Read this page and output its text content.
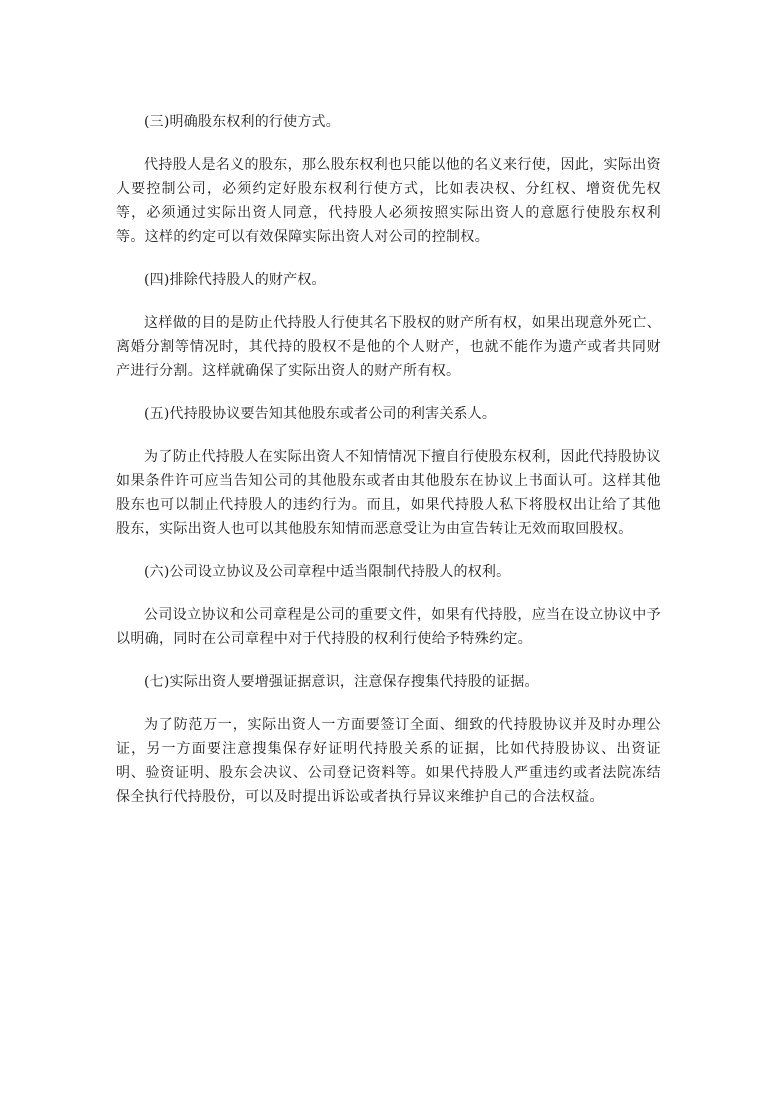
(三)明确股东权利的行使方式。

代持股人是名义的股东，那么股东权利也只能以他的名义来行使，因此，实际出资人要控制公司，必须约定好股东权利行使方式，比如表决权、分红权、增资优先权等，必须通过实际出资人同意，代持股人必须按照实际出资人的意愿行使股东权利等。这样的约定可以有效保障实际出资人对公司的控制权。

(四)排除代持股人的财产权。

这样做的目的是防止代持股人行使其名下股权的财产所有权，如果出现意外死亡、离婚分割等情况时，其代持的股权不是他的个人财产，也就不能作为遗产或者共同财产进行分割。这样就确保了实际出资人的财产所有权。

(五)代持股协议要告知其他股东或者公司的利害关系人。

为了防止代持股人在实际出资人不知情情况下擅自行使股东权利，因此代持股协议如果条件许可应当告知公司的其他股东或者由其他股东在协议上书面认可。这样其他股东也可以制止代持股人的违约行为。而且，如果代持股人私下将股权出让给了其他股东，实际出资人也可以其他股东知情而恶意受让为由宣告转让无效而取回股权。

(六)公司设立协议及公司章程中适当限制代持股人的权利。

公司设立协议和公司章程是公司的重要文件，如果有代持股，应当在设立协议中予以明确，同时在公司章程中对于代持股的权利行使给予特殊约定。

(七)实际出资人要增强证据意识，注意保存搜集代持股的证据。

为了防范万一，实际出资人一方面要签订全面、细致的代持股协议并及时办理公证，另一方面要注意搜集保存好证明代持股关系的证据，比如代持股协议、出资证明、验资证明、股东会决议、公司登记资料等。如果代持股人严重违约或者法院冻结保全执行代持股份，可以及时提出诉讼或者执行异议来维护自己的合法权益。
